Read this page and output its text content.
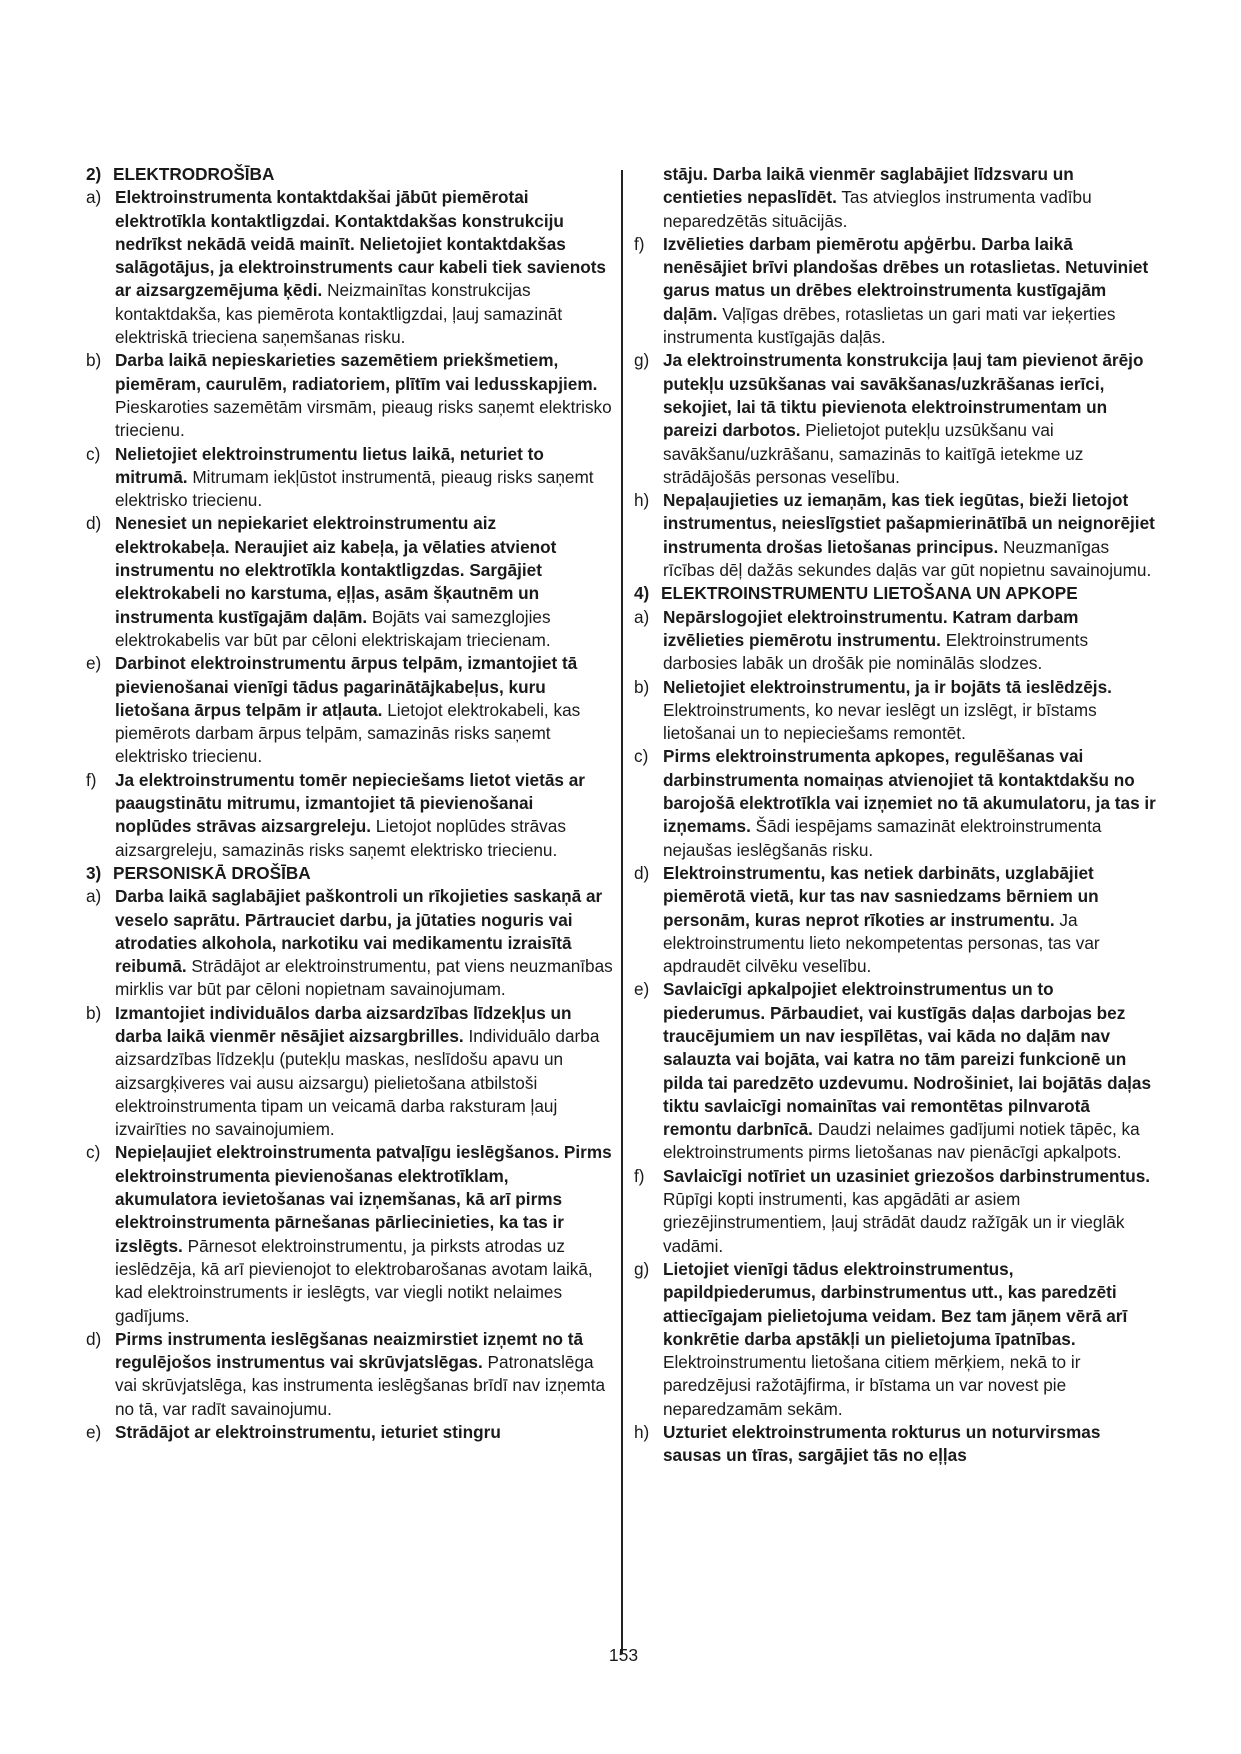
2) ELEKTRODROŠĪBA
a) Elektroinstrumenta kontaktdakšai jābūt piemērotai elektrotīkla kontaktligzdai. Kontaktdakšas konstrukciju nedrīkst nekādā veidā mainīt. Nelietojiet kontaktdakšas salāgotājus, ja elektroinstruments caur kabeli tiek savienots ar aizsargzemējuma ķēdi. Neizmainītas konstrukcijas kontaktdakša, kas piemērota kontaktligzdai, ļauj samazināt elektriskā trieciena saņemšanas risku.
b) Darba laikā nepieskarieties sazemētiem priekšmetiem, piemēram, caurulēm, radiatoriem, plītīm vai ledusskapjiem. Pieskaroties sazemētām virsmām, pieaug risks saņemt elektrisko triecienu.
c) Nelietojiet elektroinstrumentu lietus laikā, neturiet to mitrumā. Mitrumam iekļūstot instrumentā, pieaug risks saņemt elektrisko triecienu.
d) Nenesiet un nepiekariet elektroinstrumentu aiz elektrokabeļa. Neraujiet aiz kabeļa, ja vēlaties atvienot instrumentu no elektrotīkla kontaktligzdas. Sargājiet elektrokabeli no karstuma, eļļas, asām šķautnēm un instrumenta kustīgajām daļām. Bojāts vai samezglojies elektrokabelis var būt par cēloni elektriskajam triecienam.
e) Darbinot elektroinstrumentu ārpus telpām, izmantojiet tā pievienošanai vienīgi tādus pagarinātājkabeļus, kuru lietošana ārpus telpām ir atļauta. Lietojot elektrokabeli, kas piemērots darbam ārpus telpām, samazinās risks saņemt elektrisko triecienu.
f) Ja elektroinstrumentu tomēr nepieciešams lietot vietās ar paaugstinātu mitrumu, izmantojiet tā pievienošanai noplūdes strāvas aizsargreleju. Lietojot noplūdes strāvas aizsargreleju, samazinās risks saņemt elektrisko triecienu.
3) PERSONISKĀ DROŠĪBA
a) Darba laikā saglabājiet paškontroli un rīkojieties saskaņā ar veselo saprātu. Pārtrauciet darbu, ja jūtaties noguris vai atrodaties alkohola, narkotiku vai medikamentu izraisītā reibumā. Strādājot ar elektroinstrumentu, pat viens neuzmanības mirklis var būt par cēloni nopietnam savainojumam.
b) Izmantojiet individuālos darba aizsardzības līdzekļus un darba laikā vienmēr nēsājiet aizsargbrilles. Individuālo darba aizsardzības līdzekļu (putekļu maskas, neslīdošu apavu un aizsargķiveres vai ausu aizsargu) pielietošana atbilstoši elektroinstrumenta tipam un veicamā darba raksturam ļauj izvairīties no savainojumiem.
c) Nepieļaujiet elektroinstrumenta patvaļīgu ieslēgšanos. Pirms elektroinstrumenta pievienošanas elektrotīklam, akumulatora ievietošanas vai izņemšanas, kā arī pirms elektroinstrumenta pārnešanas pārliecinieties, ka tas ir izslēgts. Pārnesot elektroinstrumentu, ja pirksts atrodas uz ieslēdzēja, kā arī pievienojot to elektrobarošanas avotam laikā, kad elektroinstruments ir ieslēgts, var viegli notikt nelaimes gadījums.
d) Pirms instrumenta ieslēgšanas neaizmirstiet izņemt no tā regulējošos instrumentus vai skrūvjatslēgas. Patronatslēga vai skrūvjatslēga, kas instrumenta ieslēgšanas brīdī nav izņemta no tā, var radīt savainojumu.
e) Strādājot ar elektroinstrumentu, ieturiet stingru
stāju. Darba laikā vienmēr saglabājiet līdzsvaru un centieties nepaslīdēt. Tas atvieglos instrumenta vadību neparedzētās situācijās.
f) Izvēlieties darbam piemērotu apģērbu. Darba laikā nenēsājiet brīvi plandošas drēbes un rotaslietas. Netuviniet garus matus un drēbes elektroinstrumenta kustīgajām daļām. Vaļīgas drēbes, rotaslietas un gari mati var ieķerties instrumenta kustīgajās daļās.
g) Ja elektroinstrumenta konstrukcija ļauj tam pievienot ārējo putekļu uzsūkšanas vai savākšanas/uzkrāšanas ierīci, sekojiet, lai tā tiktu pievienota elektroinstrumentam un pareizi darbotos. Pielietojot putekļu uzsūkšanu vai savākšanu/uzkrāšanu, samazinās to kaitīgā ietekme uz strādājošās personas veselību.
h) Nepaļaujieties uz iemaņām, kas tiek iegūtas, bieži lietojot instrumentus, neieslīgstiet pašapmierinātībā un neignorējiet instrumenta drošas lietošanas principus. Neuzmanīgas rīcības dēļ dažās sekundes daļās var gūt nopietnu savainojumu.
4) ELEKTROINSTRUMENTU LIETOŠANA UN APKOPE
a) Nepārslogojiet elektroinstrumentu. Katram darbam izvēlieties piemērotu instrumentu. Elektroinstruments darbosies labāk un drošāk pie nominālās slodzes.
b) Nelietojiet elektroinstrumentu, ja ir bojāts tā ieslēdzējs. Elektroinstruments, ko nevar ieslēgt un izslēgt, ir bīstams lietošanai un to nepieciešams remontēt.
c) Pirms elektroinstrumenta apkopes, regulēšanas vai darbinstrumenta nomaiņas atvienojiet tā kontaktdakšu no barojošā elektrotīkla vai izņemiet no tā akumulatoru, ja tas ir izņemams. Šādi iespējams samazināt elektroinstrumenta nejaušas ieslēgšanās risku.
d) Elektroinstrumentu, kas netiek darbināts, uzglabājiet piemērotā vietā, kur tas nav sasniedzams bērniem un personām, kuras neprot rīkoties ar instrumentu. Ja elektroinstrumentu lieto nekompetentas personas, tas var apdraudēt cilvēku veselību.
e) Savlaicīgi apkalpojiet elektroinstrumentus un to piederumus. Pārbaudiet, vai kustīgās daļas darbojas bez traucējumiem un nav iespīlētas, vai kāda no daļām nav salauzta vai bojāta, vai katra no tām pareizi funkcionē un pilda tai paredzēto uzdevumu. Nodrošiniet, lai bojātās daļas tiktu savlaicīgi nomainītas vai remontētas pilnvarotā remontu darbnīcā. Daudzi nelaimes gadījumi notiek tāpēc, ka elektroinstruments pirms lietošanas nav pienācīgi apkalpots.
f) Savlaicīgi notīriet un uzasiniet griezošos darbinstrumentus. Rūpīgi kopti instrumenti, kas apgādāti ar asiem griezējinstrumentiem, ļauj strādāt daudz ražīgāk un ir vieglāk vadāmi.
g) Lietojiet vienīgi tādus elektroinstrumentus, papildpiederumus, darbinstrumentus utt., kas paredzēti attiecīgajam pielietojuma veidam. Bez tam jāņem vērā arī konkrētie darba apstākļi un pielietojuma īpatnības. Elektroinstrumentu lietošana citiem mērķiem, nekā to ir paredzējusi ražotājfirma, ir bīstama un var novest pie neparedzamām sekām.
h) Uzturiet elektroinstrumenta rokturus un noturvirsmas sausas un tīras, sargājiet tās no eļļas
153
